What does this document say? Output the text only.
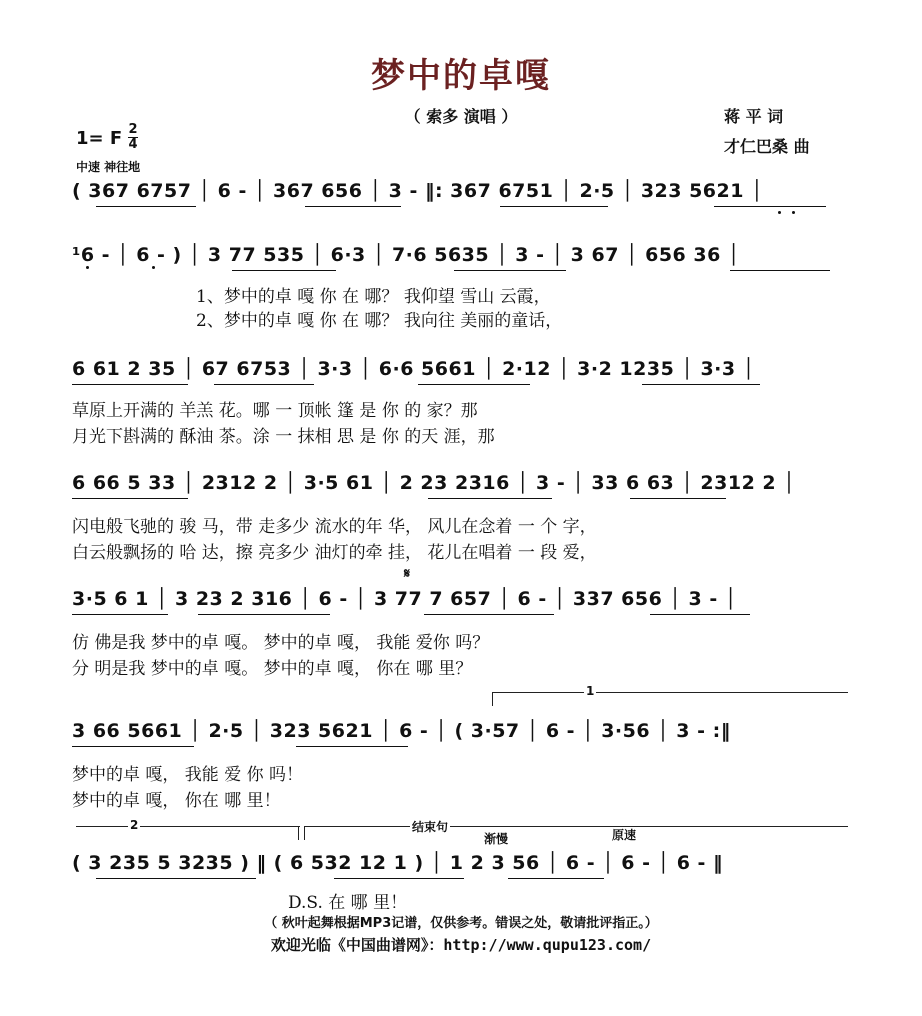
梦中的卓嘎
（ 索多 演唱 ）	蒋 平 词
才仁巴桑 曲
1= F 2
4
中速 神往地
( 367 6757 │ 6 - │ 367 656 │ 3 - ‖: 367 6751 │ 2·5 │ 323 5621 │
¹6 - │ 6 - ) │ 3 77 535 │ 6·3 │ 7·6 5635 │ 3 - │ 3 67 │ 656 36 │
1、梦中的卓 嘎 你 在 哪？ 我仰望 雪山 云霞，
2、梦中的卓 嘎 你 在 哪？ 我向往 美丽的童话，
6 61 2 35 │ 67 6753 │ 3·3 │ 6·6 5661 │ 2·12 │ 3·2 1235 │ 3·3 │
草原上开满的 羊羔 花。哪 一 顶帐 篷 是 你 的 家？那
月光下斟满的 酥油 茶。涂 一 抹相 思 是 你 的天 涯，那
6 66 5 33 │ 2312 2 │ 3·5 61 │ 2 23 2316 │ 3 - │ 33 6 63 │ 2312 2 │
闪电般飞驰的 骏 马，带 走多少 流水的年 华， 风儿在念着 一 个 字，
白云般飘扬的 哈 达，擦 亮多少 油灯的牵 挂， 花儿在唱着 一 段 爱，
3·5 6 1 │ 3 23 2 316 │ 6 - │ 3 77 7 657 │ 6 - │ 337 656 │ 3 - │
𝄋
仿 佛是我 梦中的卓 嘎。 梦中的卓 嘎， 我能 爱你 吗？
分 明是我 梦中的卓 嘎。 梦中的卓 嘎， 你在 哪 里？
1
3 66 5661 │ 2·5 │ 323 5621 │ 6 - │ ( 3·57 │ 6 - │ 3·56 │ 3 - :‖
梦中的卓 嘎， 我能 爱 你 吗！
梦中的卓 嘎， 你在 哪 里！
2	结束句
渐慢	原速
( 3 235 5 3235 ) ‖ ( 6 532 12 1 ) │ 1 2 3 56 │ 6 - │ 6 - │ 6 - ‖
D.S. 在 哪 里！
（ 秋叶起舞根据MP3记谱，仅供参考。错误之处，敬请批评指正。）
欢迎光临《中国曲谱网》：http://www.qupu123.com/
